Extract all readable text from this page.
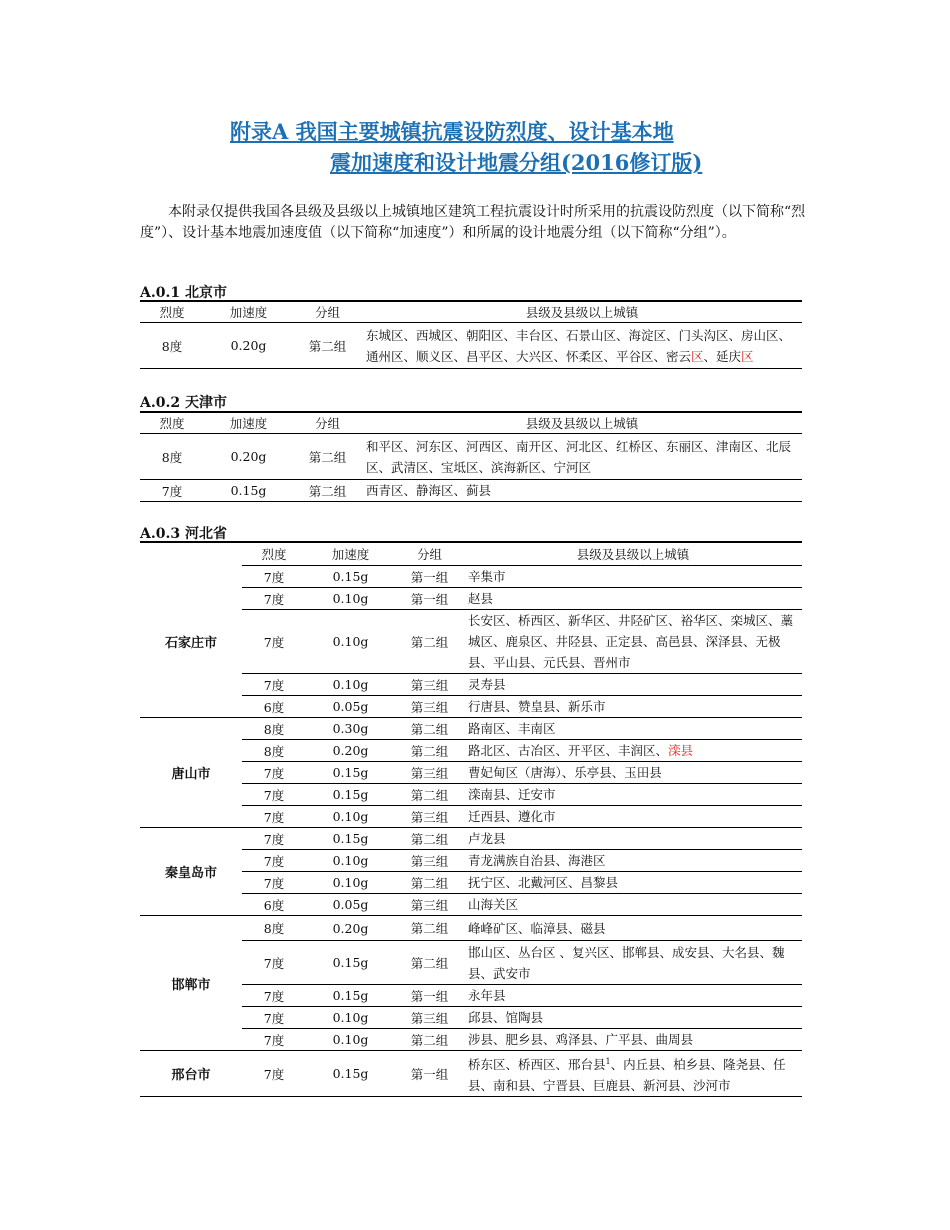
附录A 我国主要城镇抗震设防烈度、设计基本地
震加速度和设计地震分组(2016修订版)
本附录仅提供我国各县级及县级以上城镇地区建筑工程抗震设计时所采用的抗震设防烈度（以下简称“烈度”）、设计基本地震加速度值（以下简称“加速度”）和所属的设计地震分组（以下简称“分组”）。
A.0.1 北京市
烈度	加速度	分组	县级及县级以上城镇
8度	0.20g	第二组	东城区、西城区、朝阳区、丰台区、石景山区、海淀区、门头沟区、房山区、通州区、顺义区、昌平区、大兴区、怀柔区、平谷区、密云区、延庆区
A.0.2 天津市
烈度	加速度	分组	县级及县级以上城镇
8度	0.20g	第二组	和平区、河东区、河西区、南开区、河北区、红桥区、东丽区、津南区、北辰区、武清区、宝坻区、滨海新区、宁河区
7度	0.15g	第二组	西青区、静海区、蓟县
A.0.3 河北省
	烈度	加速度	分组	县级及县级以上城镇
石家庄市	7度	0.15g	第一组	辛集市
	7度	0.10g	第一组	赵县
	7度	0.10g	第二组	长安区、桥西区、新华区、井陉矿区、裕华区、栾城区、藁城区、鹿泉区、井陉县、正定县、高邑县、深泽县、无极县、平山县、元氏县、晋州市
	7度	0.10g	第三组	灵寿县
	6度	0.05g	第三组	行唐县、赞皇县、新乐市
唐山市	8度	0.30g	第二组	路南区、丰南区
	8度	0.20g	第二组	路北区、古冶区、开平区、丰润区、滦县
	7度	0.15g	第三组	曹妃甸区（唐海）、乐亭县、玉田县
	7度	0.15g	第二组	滦南县、迁安市
	7度	0.10g	第三组	迁西县、遵化市
秦皇岛市	7度	0.15g	第二组	卢龙县
	7度	0.10g	第三组	青龙满族自治县、海港区
	7度	0.10g	第二组	抚宁区、北戴河区、昌黎县
	6度	0.05g	第三组	山海关区
邯郸市	8度	0.20g	第二组	峰峰矿区、临漳县、磁县
	7度	0.15g	第二组	邯山区、丛台区 、复兴区、邯郸县、成安县、大名县、魏县、武安市
	7度	0.15g	第一组	永年县
	7度	0.10g	第三组	邱县、馆陶县
	7度	0.10g	第二组	涉县、肥乡县、鸡泽县、广平县、曲周县
邢台市	7度	0.15g	第一组	桥东区、桥西区、邢台县$^1$、内丘县、柏乡县、隆尧县、任县、南和县、宁晋县、巨鹿县、新河县、沙河市
